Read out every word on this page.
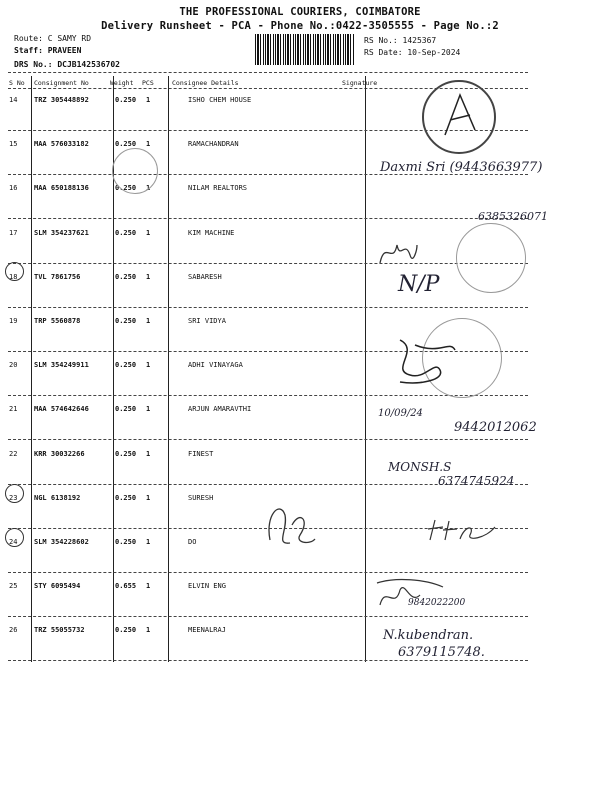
THE PROFESSIONAL COURIERS, COIMBATORE
Delivery Runsheet - PCA - Phone No.:0422-3505555 - Page No.:2
Route: C SAMY RD
Staff: PRAVEEN
DRS No.: DCJB142536702
RS No.: 1425367
RS Date: 10-Sep-2024
S No Consignment No	Weight PCS	Consignee Details	Signature
14 TRZ 305448892	0.250 1	ISHO CHEM HOUSE
15 MAA 576033182	0.250 1	RAMACHANDRAN
16 MAA 650188136	0.250 1	NILAM REALTORS
17 SLM 354237621	0.250 1	KIM MACHINE
18 TVL 7861756	0.250 1	SABARESH
19 TRP 5560878	0.250 1	SRI VIDYA
20 SLM 354249911	0.250 1	ADHI VINAYAGA
21 MAA 574642646	0.250 1	ARJUN AMARAVTHI
22 KRR 30032266	0.250 1	FINEST
23 NGL 6138192	0.250 1	SURESH
24 SLM 354228602	0.250 1	DO
25 STY 6095494	0.655 1	ELVIN ENG
26 TRZ 55055732	0.250 1	MEENALRAJ
Daxmi Sri (9443663977)
6385326071
N/P
10/09/24
9442012062
MONSH.S
6374745924
9842022200
N.kubendran.
6379115748.
